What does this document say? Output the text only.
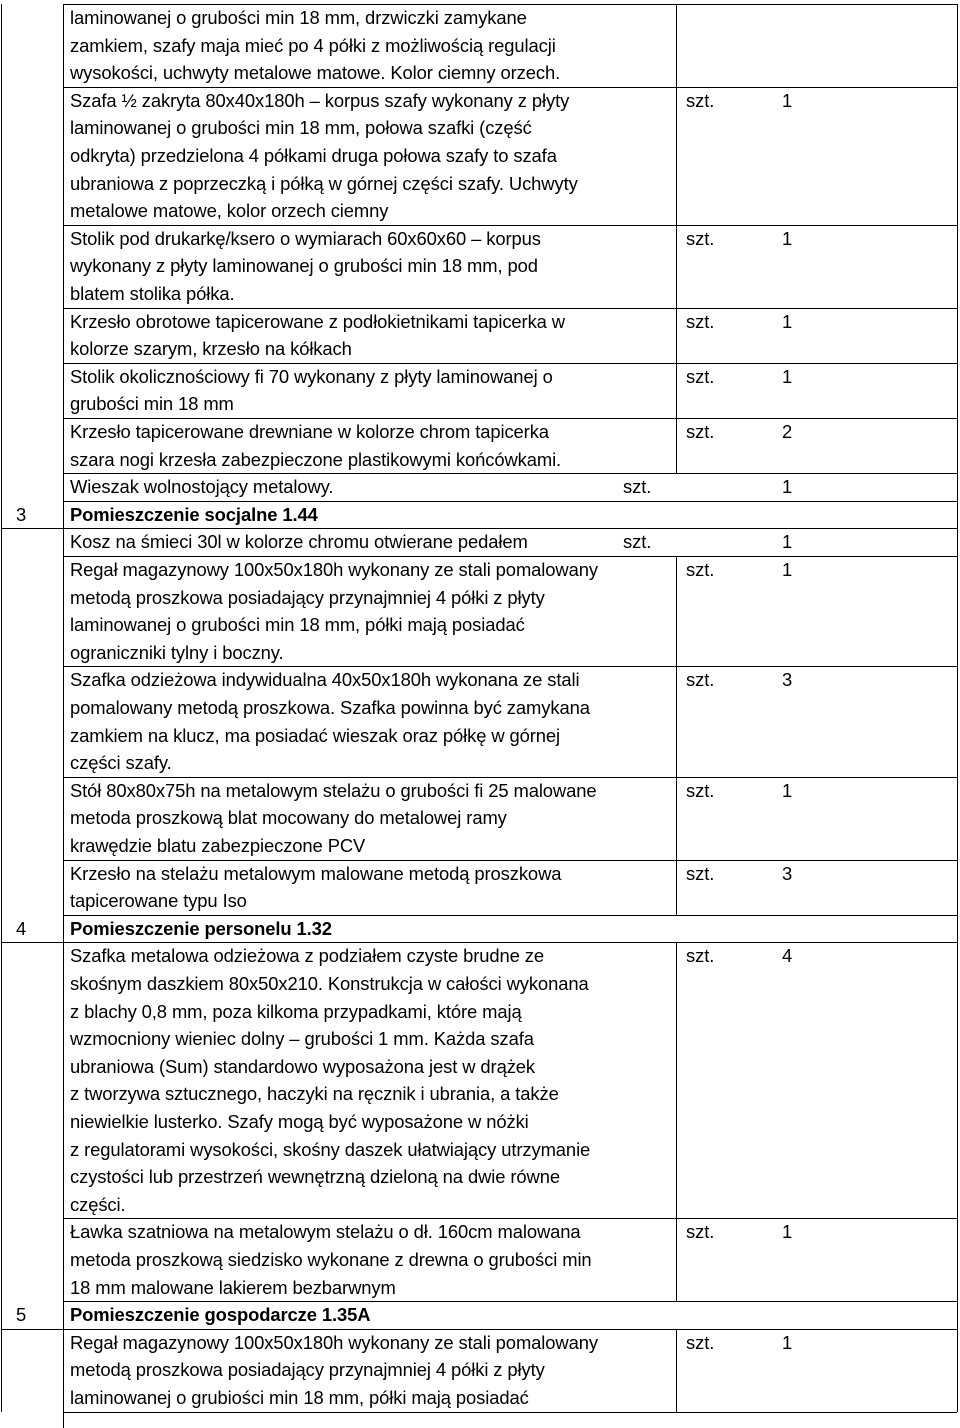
laminowanej o grubości min 18 mm, drzwiczki zamykane
zamkiem, szafy maja mieć po 4 półki z możliwością regulacji
wysokości, uchwyty metalowe matowe. Kolor ciemny orzech.
Szafa ½ zakryta 80x40x180h – korpus szafy wykonany z płyty
laminowanej o grubości min 18 mm, połowa szafki (część
odkryta) przedzielona 4 półkami druga połowa szafy to szafa
ubraniowa z poprzeczką i półką w górnej części szafy. Uchwyty
metalowe matowe, kolor orzech ciemny
szt.	1
Stolik pod drukarkę/ksero o wymiarach 60x60x60 – korpus
wykonany z płyty laminowanej o grubości min 18 mm, pod
blatem stolika półka.
szt.	1
Krzesło obrotowe tapicerowane z podłokietnikami tapicerka w
kolorze szarym, krzesło na kółkach
szt.	1
Stolik okolicznościowy fi 70 wykonany z płyty laminowanej o
grubości min 18 mm
szt.	1
Krzesło tapicerowane drewniane w kolorze chrom tapicerka
szara nogi krzesła zabezpieczone plastikowymi końcówkami.
szt.	2
Wieszak wolnostojący metalowy.	szt.	1
3 Pomieszczenie socjalne 1.44
Kosz na śmieci 30l w kolorze chromu otwierane pedałem	szt.	1
Regał magazynowy 100x50x180h wykonany ze stali pomalowany
metodą proszkowa posiadający przynajmniej 4 półki z płyty
laminowanej o grubości min 18 mm, półki mają posiadać
ograniczniki tylny i boczny.
szt.	1
Szafka odzieżowa indywidualna 40x50x180h wykonana ze stali
pomalowany metodą proszkowa. Szafka powinna być zamykana
zamkiem na klucz, ma posiadać wieszak oraz półkę w górnej
części szafy.
szt.	3
Stół 80x80x75h na metalowym stelażu o grubości fi 25 malowane
metoda proszkową blat mocowany do metalowej ramy
krawędzie blatu zabezpieczone PCV
szt.	1
Krzesło na stelażu metalowym malowane metodą proszkowa
tapicerowane typu Iso
szt.	3
4 Pomieszczenie personelu 1.32
Szafka metalowa odzieżowa z podziałem czyste brudne ze
skośnym daszkiem 80x50x210. Konstrukcja w całości wykonana
z blachy 0,8 mm, poza kilkoma przypadkami, które mają
wzmocniony wieniec dolny – grubości 1 mm. Każda szafa
ubraniowa (Sum) standardowo wyposażona jest w drążek
z tworzywa sztucznego, haczyki na ręcznik i ubrania, a także
niewielkie lusterko. Szafy mogą być wyposażone w nóżki
z regulatorami wysokości, skośny daszek ułatwiający utrzymanie
czystości lub przestrzeń wewnętrzną dzieloną na dwie równe
części.
szt.	4
Ławka szatniowa na metalowym stelażu o dł. 160cm malowana
metoda proszkową siedzisko wykonane z drewna o grubości min
18 mm malowane lakierem bezbarwnym
szt.	1
5 Pomieszczenie gospodarcze 1.35A
Regał magazynowy 100x50x180h wykonany ze stali pomalowany
metodą proszkowa posiadający przynajmniej 4 półki z płyty
laminowanej o grubiości min 18 mm, półki mają posiadać
szt.	1
